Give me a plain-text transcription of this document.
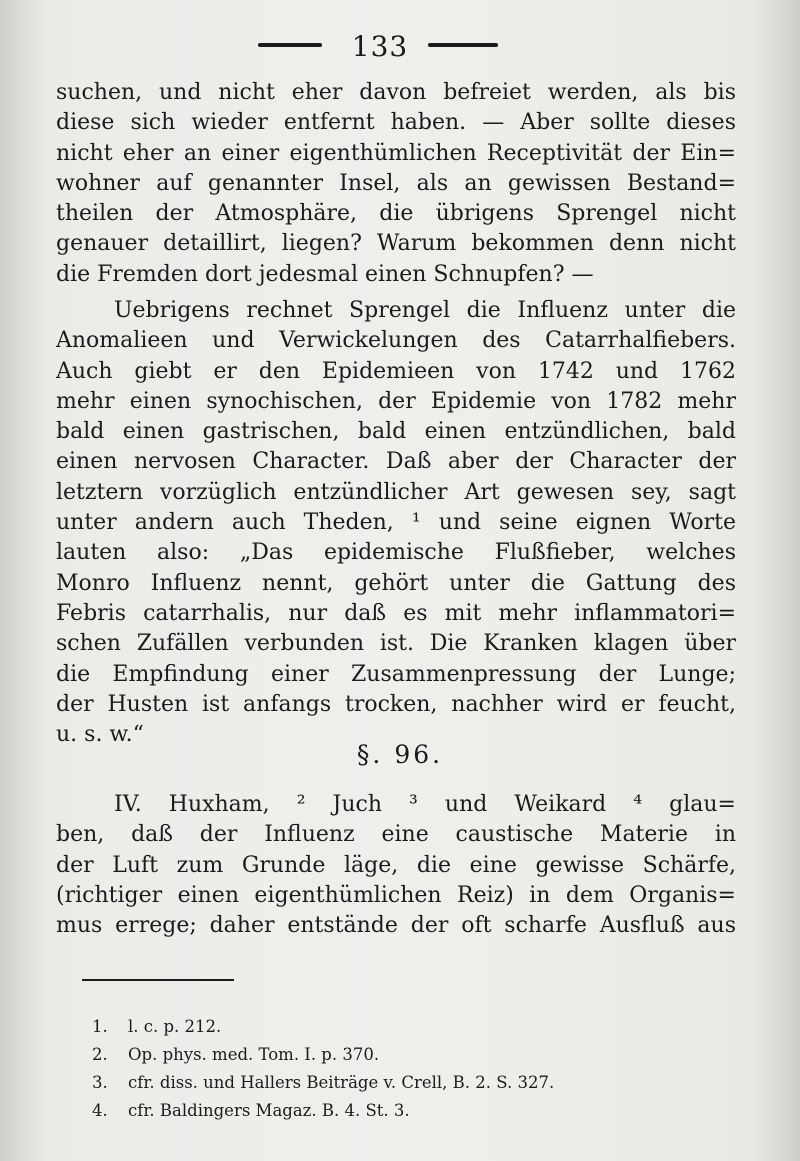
133
suchen, und nicht eher davon befreiet werden, als bis
diese sich wieder entfernt haben. — Aber sollte dieses
nicht eher an einer eigenthümlichen Receptivität der Ein=
wohner auf genannter Insel, als an gewissen Bestand=
theilen der Atmosphäre, die übrigens Sprengel nicht
genauer detaillirt, liegen? Warum bekommen denn nicht
die Fremden dort jedesmal einen Schnupfen? —
Uebrigens rechnet Sprengel die Influenz unter die
Anomalieen und Verwickelungen des Catarrhalfiebers.
Auch giebt er den Epidemieen von 1742 und 1762
mehr einen synochischen, der Epidemie von 1782 mehr
bald einen gastrischen, bald einen entzündlichen, bald
einen nervosen Character. Daß aber der Character der
letztern vorzüglich entzündlicher Art gewesen sey, sagt
unter andern auch Theden, ¹ und seine eignen Worte
lauten also: „Das epidemische Flußfieber, welches
Monro Influenz nennt, gehört unter die Gattung des
Febris catarrhalis, nur daß es mit mehr inflammatori=
schen Zufällen verbunden ist. Die Kranken klagen über
die Empfindung einer Zusammenpressung der Lunge;
der Husten ist anfangs trocken, nachher wird er feucht,
u. s. w.“
§. 96.
IV. Huxham, ² Juch ³ und Weikard ⁴ glau=
ben, daß der Influenz eine caustische Materie in
der Luft zum Grunde läge, die eine gewisse Schärfe,
(richtiger einen eigenthümlichen Reiz) in dem Organis=
mus errege; daher entstände der oft scharfe Ausfluß aus
1.	l. c. p. 212.
2.	Op. phys. med. Tom. I. p. 370.
3.	cfr. diss. und Hallers Beiträge v. Crell, B. 2. S. 327.
4.	cfr. Baldingers Magaz. B. 4. St. 3.
